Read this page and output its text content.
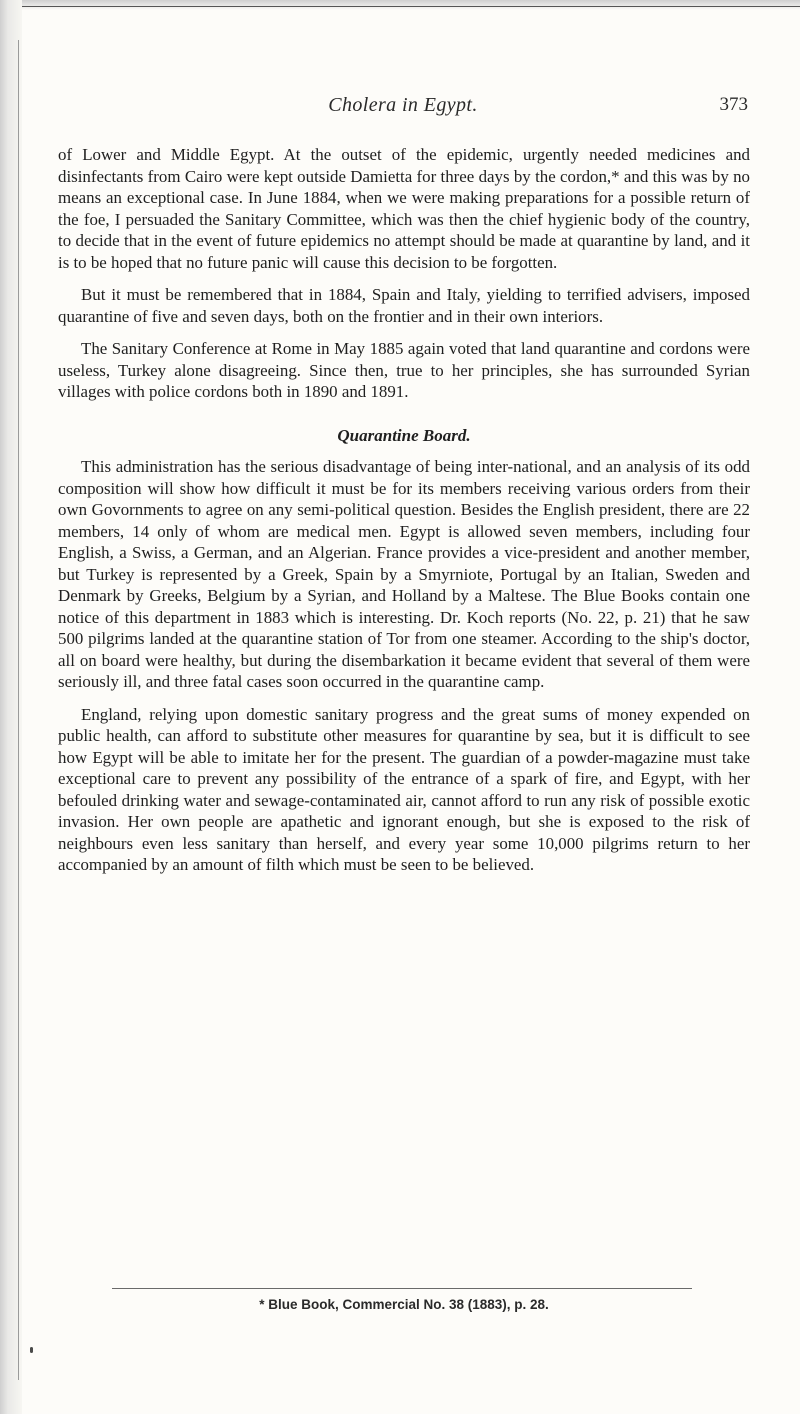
Cholera in Egypt.	373

of Lower and Middle Egypt. At the outset of the epidemic, urgently needed medicines and disinfectants from Cairo were kept outside Damietta for three days by the cordon,* and this was by no means an exceptional case. In June 1884, when we were making preparations for a possible return of the foe, I persuaded the Sanitary Committee, which was then the chief hygienic body of the country, to decide that in the event of future epidemics no attempt should be made at quarantine by land, and it is to be hoped that no future panic will cause this decision to be forgotten.

But it must be remembered that in 1884, Spain and Italy, yielding to terrified advisers, imposed quarantine of five and seven days, both on the frontier and in their own interiors.

The Sanitary Conference at Rome in May 1885 again voted that land quarantine and cordons were useless, Turkey alone disagreeing. Since then, true to her principles, she has surrounded Syrian villages with police cordons both in 1890 and 1891.

Quarantine Board.

This administration has the serious disadvantage of being inter-national, and an analysis of its odd composition will show how difficult it must be for its members receiving various orders from their own Govornments to agree on any semi-political question. Besides the English president, there are 22 members, 14 only of whom are medical men. Egypt is allowed seven members, including four English, a Swiss, a German, and an Algerian. France provides a vice-president and another member, but Turkey is represented by a Greek, Spain by a Smyrniote, Portugal by an Italian, Sweden and Denmark by Greeks, Belgium by a Syrian, and Holland by a Maltese. The Blue Books contain one notice of this department in 1883 which is interesting. Dr. Koch reports (No. 22, p. 21) that he saw 500 pilgrims landed at the quarantine station of Tor from one steamer. According to the ship's doctor, all on board were healthy, but during the disembarkation it became evident that several of them were seriously ill, and three fatal cases soon occurred in the quarantine camp.

England, relying upon domestic sanitary progress and the great sums of money expended on public health, can afford to substitute other measures for quarantine by sea, but it is difficult to see how Egypt will be able to imitate her for the present. The guardian of a powder-magazine must take exceptional care to prevent any possibility of the entrance of a spark of fire, and Egypt, with her befouled drinking water and sewage-contaminated air, cannot afford to run any risk of possible exotic invasion. Her own people are apathetic and ignorant enough, but she is exposed to the risk of neighbours even less sanitary than herself, and every year some 10,000 pilgrims return to her accompanied by an amount of filth which must be seen to be believed.

* Blue Book, Commercial No. 38 (1883), p. 28.
